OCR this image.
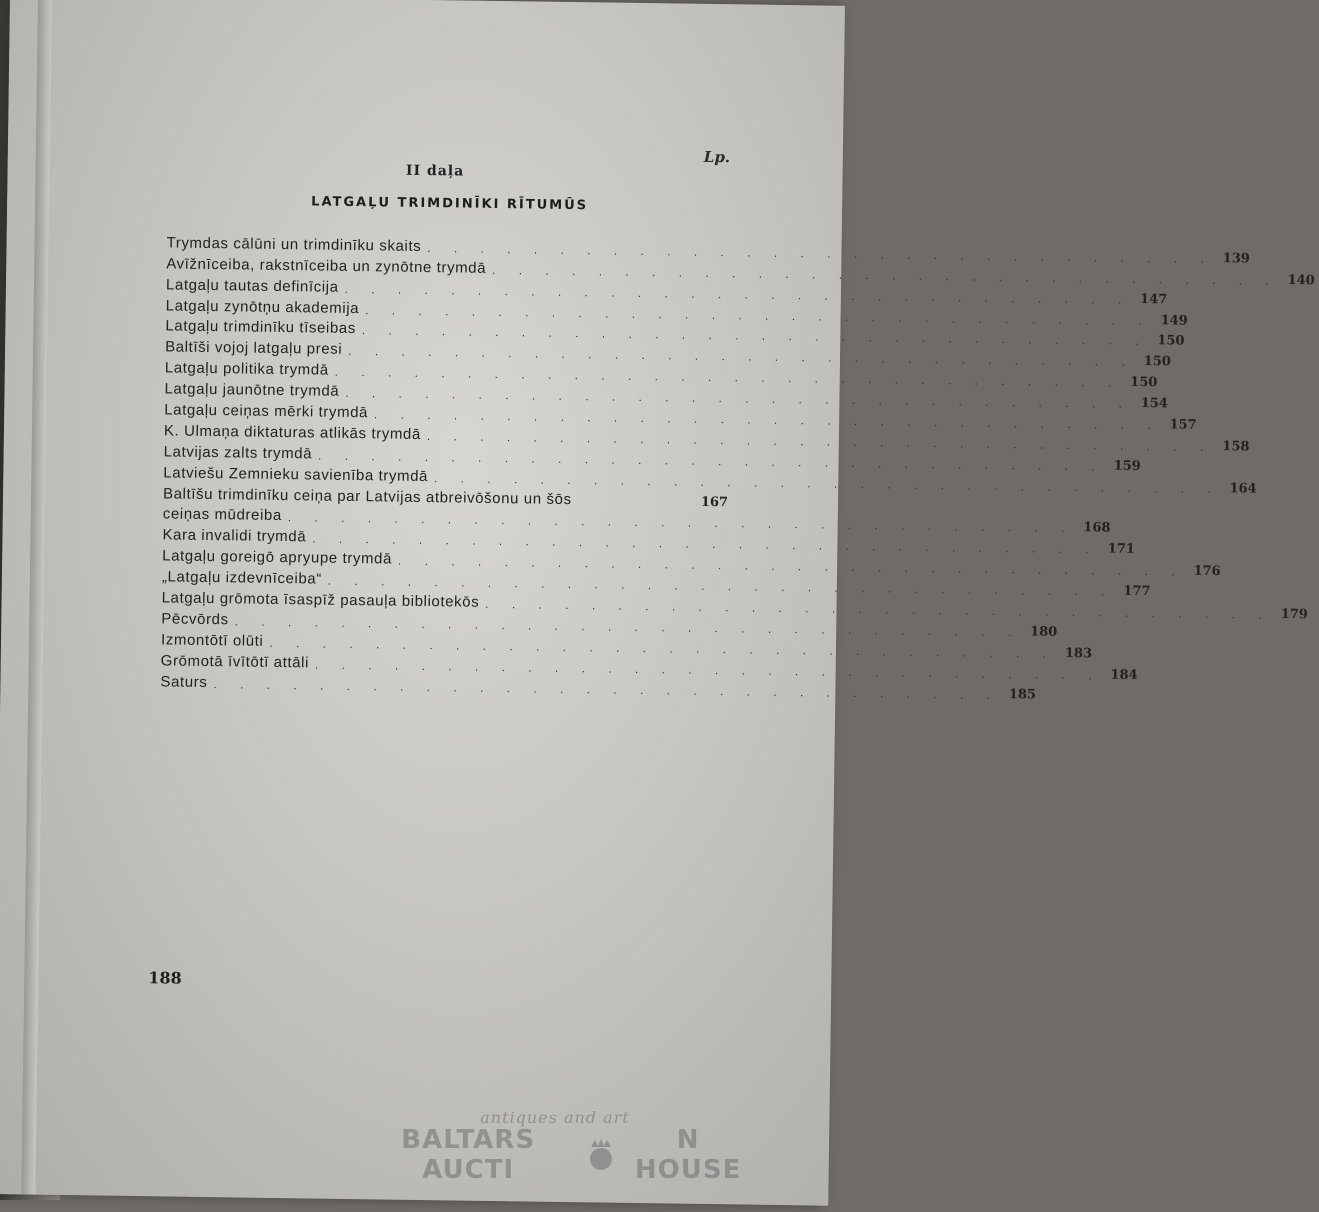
Lp.
II daļa
LATGAĻU TRIMDINĪKI RĪTUMŪS
Trymdas cālūni un trimdinīku skaits . . . . . . . . . . . . . . . . . . . . . . . . . . . . . . 139
Avīžnīceiba, rakstnīceiba un zynōtne trymdā . . . . . . . . . . . . . . . . . . . . . . . . . . . . . . 140
Latgaļu tautas definīcija . . . . . . . . . . . . . . . . . . . . . . . . . . . . . . 147
Latgaļu zynōtņu akademija . . . . . . . . . . . . . . . . . . . . . . . . . . . . . . 149
Latgaļu trimdinīku tīseibas . . . . . . . . . . . . . . . . . . . . . . . . . . . . . . 150
Baltīši vojoj latgaļu presi . . . . . . . . . . . . . . . . . . . . . . . . . . . . . . 150
Latgaļu politika trymdā . . . . . . . . . . . . . . . . . . . . . . . . . . . . . . 150
Latgaļu jaunōtne trymdā . . . . . . . . . . . . . . . . . . . . . . . . . . . . . . 154
Latgaļu ceiņas mērki trymdā . . . . . . . . . . . . . . . . . . . . . . . . . . . . . . 157
K. Ulmaņa diktaturas atlikās trymdā . . . . . . . . . . . . . . . . . . . . . . . . . . . . . . 158
Latvijas zalts trymdā . . . . . . . . . . . . . . . . . . . . . . . . . . . . . . 159
Latviešu Zemnieku savienība trymdā . . . . . . . . . . . . . . . . . . . . . . . . . . . . . . 164
Baltīšu trimdinīku ceiņa par Latvijas atbreivōšonu un šōs	167
ceiņas mūdreiba . . . . . . . . . . . . . . . . . . . . . . . . . . . . . . 168
Kara invalidi trymdā . . . . . . . . . . . . . . . . . . . . . . . . . . . . . . 171
Latgaļu goreigō apryupe trymdā . . . . . . . . . . . . . . . . . . . . . . . . . . . . . . 176
„Latgaļu izdevnīceiba“ . . . . . . . . . . . . . . . . . . . . . . . . . . . . . . 177
Latgaļu grōmota īsaspīž pasauļa bibliotekōs . . . . . . . . . . . . . . . . . . . . . . . . . . . . . . 179
Pēcvōrds . . . . . . . . . . . . . . . . . . . . . . . . . . . . . . 180
Izmontōtī olūti . . . . . . . . . . . . . . . . . . . . . . . . . . . . . . 183
Grōmotā īvītōtī attāli . . . . . . . . . . . . . . . . . . . . . . . . . . . . . . 184
Saturs . . . . . . . . . . . . . . . . . . . . . . . . . . . . . . 185
188
antiques and art
BALTARS AUCTI
N HOUSE
